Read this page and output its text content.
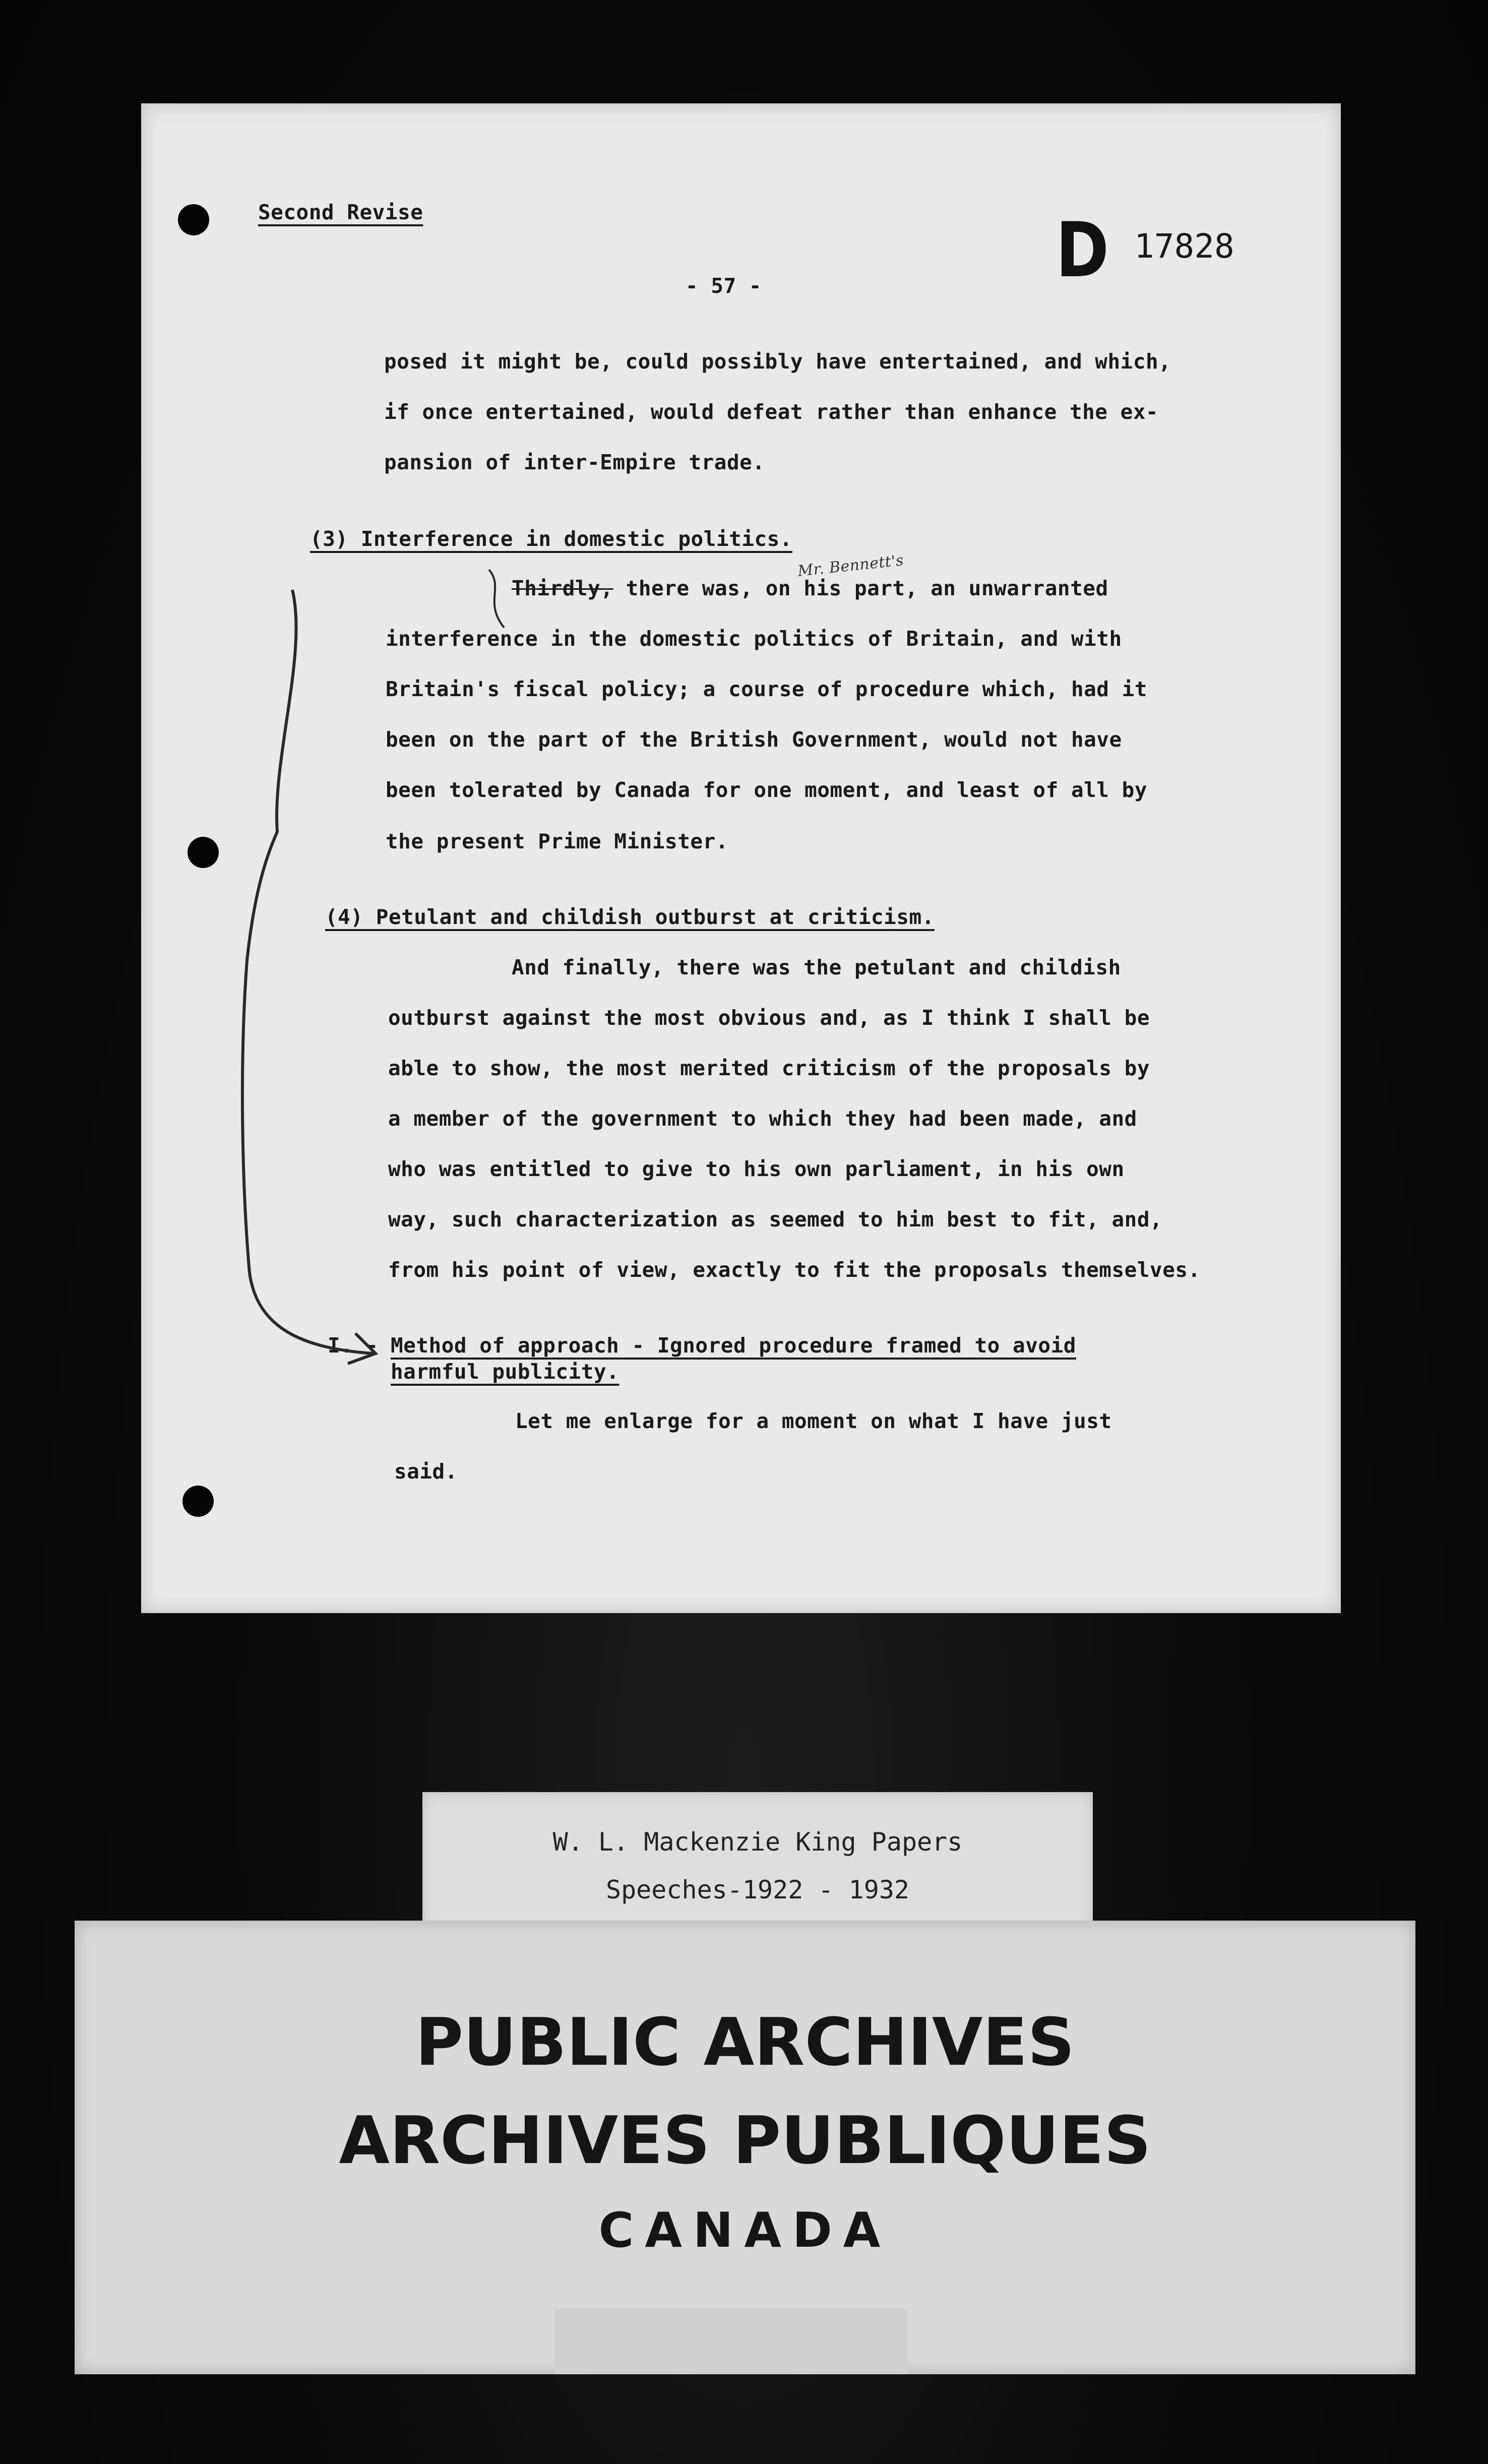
Second Revise	D 17828
- 57 -
posed it might be, could possibly have entertained, and which,
if once entertained, would defeat rather than enhance the ex-
pansion of inter-Empire trade.
(3) Interference in domestic politics.
Mr. Bennett's
Thirdly, there was, on his part, an unwarranted
interference in the domestic politics of Britain, and with
Britain's fiscal policy; a course of procedure which, had it
been on the part of the British Government, would not have
been tolerated by Canada for one moment, and least of all by
the present Prime Minister.
(4) Petulant and childish outburst at criticism.
And finally, there was the petulant and childish
outburst against the most obvious and, as I think I shall be
able to show, the most merited criticism of the proposals by
a member of the government to which they had been made, and
who was entitled to give to his own parliament, in his own
way, such characterization as seemed to him best to fit, and,
from his point of view, exactly to fit the proposals themselves.
I. - Method of approach - Ignored procedure framed to avoid
harmful publicity.
Let me enlarge for a moment on what I have just
said.
W. L. Mackenzie King Papers
Speeches-1922 - 1932
PUBLIC ARCHIVES
ARCHIVES PUBLIQUES
CANADA
